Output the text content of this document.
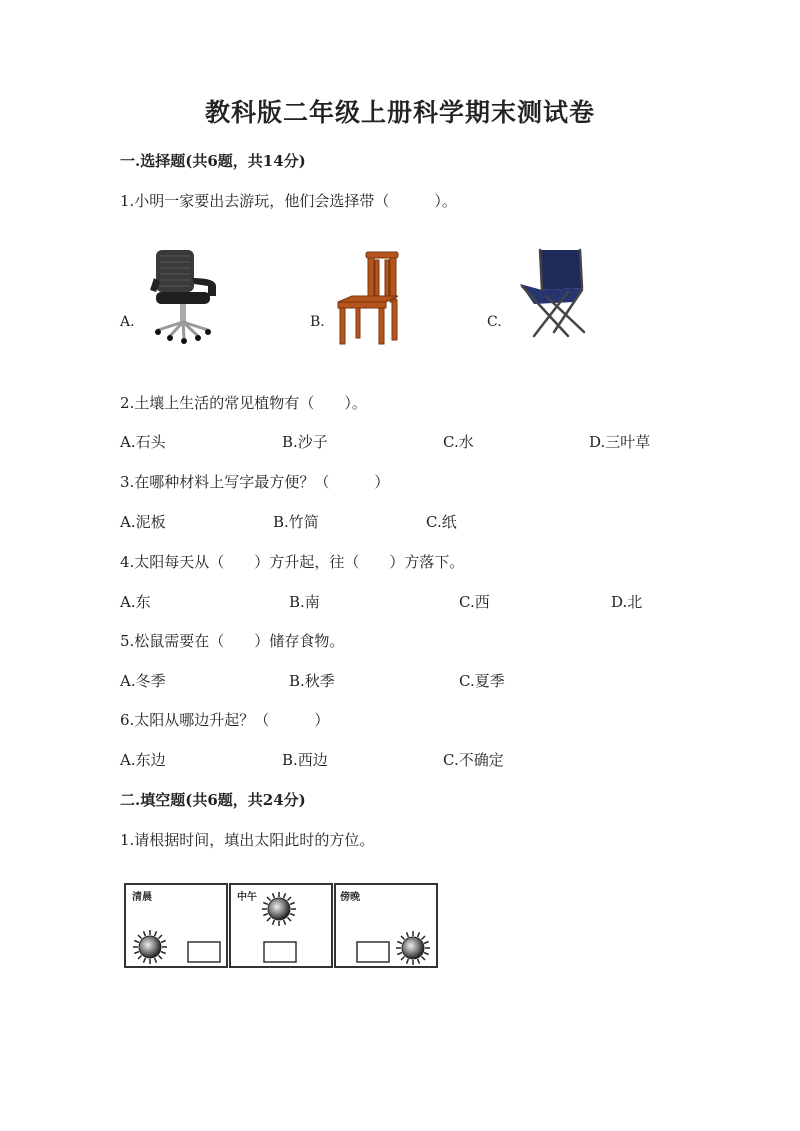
教科版二年级上册科学期末测试卷
一.选择题(共6题，共14分)
1.小明一家要出去游玩，他们会选择带（　　　）。
A.	B.	C.
2.土壤上生活的常见植物有（　　）。
A.石头	B.沙子	C.水	D.三叶草
3.在哪种材料上写字最方便？（　　　）
A.泥板	B.竹简	C.纸
4.太阳每天从（　　）方升起，往（　　）方落下。
A.东	B.南	C.西	D.北
5.松鼠需要在（　　）储存食物。
A.冬季	B.秋季	C.夏季
6.太阳从哪边升起？（　　　）
A.东边	B.西边	C.不确定
二.填空题(共6题，共24分)
1.请根据时间，填出太阳此时的方位。
清晨	中午	傍晚
